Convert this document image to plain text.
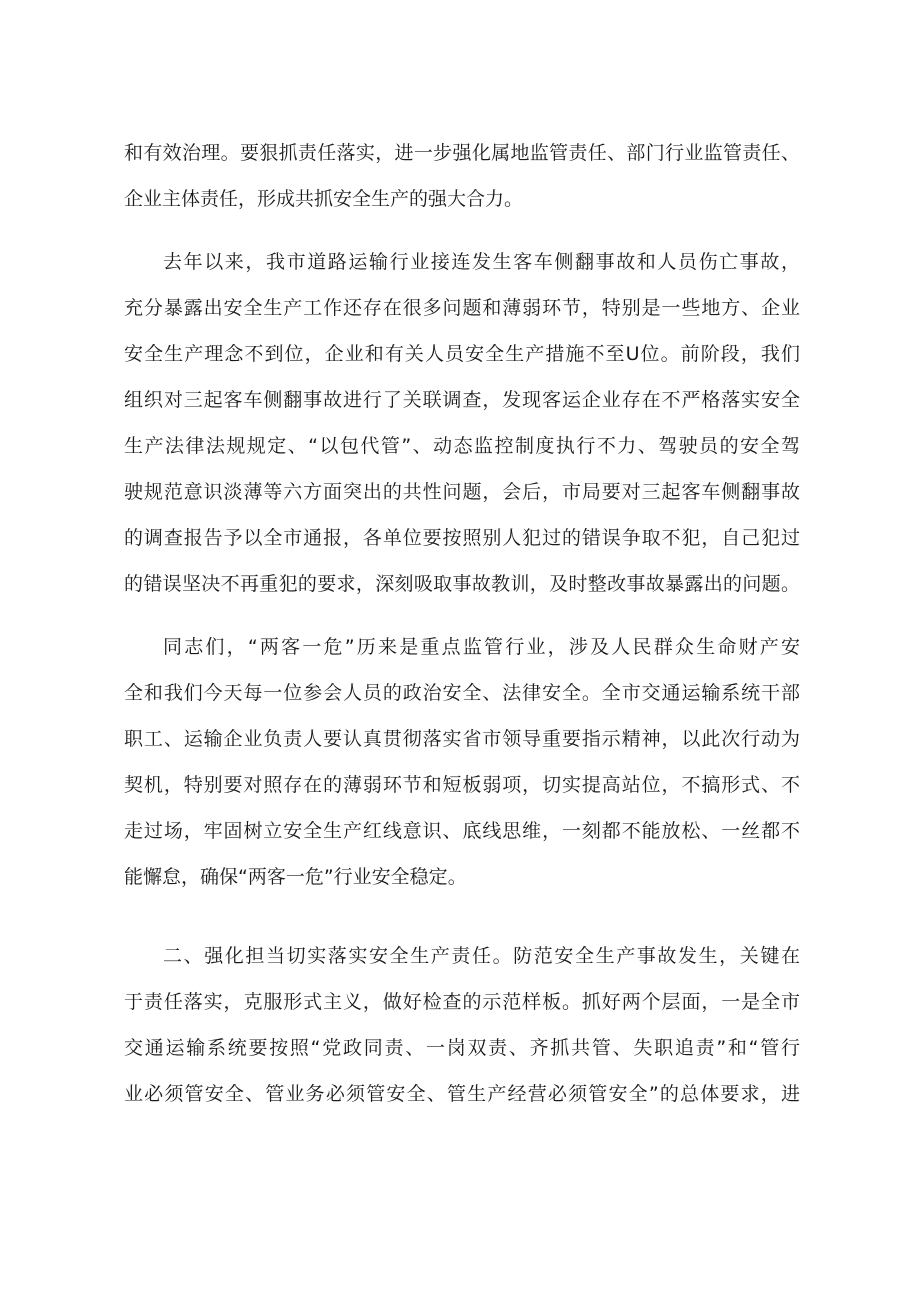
和有效治理。要狠抓责任落实，进一步强化属地监管责任、部门行业监管责任、
企业主体责任，形成共抓安全生产的强大合力。
去年以来，我市道路运输行业接连发生客车侧翻事故和人员伤亡事故，
充分暴露出安全生产工作还存在很多问题和薄弱环节，特别是一些地方、企业
安全生产理念不到位，企业和有关人员安全生产措施不至U位。前阶段，我们
组织对三起客车侧翻事故进行了关联调查，发现客运企业存在不严格落实安全
生产法律法规规定、“以包代管”、动态监控制度执行不力、驾驶员的安全驾
驶规范意识淡薄等六方面突出的共性问题，会后，市局要对三起客车侧翻事故
的调查报告予以全市通报，各单位要按照别人犯过的错误争取不犯，自己犯过
的错误坚决不再重犯的要求，深刻吸取事故教训，及时整改事故暴露出的问题。
同志们，“两客一危”历来是重点监管行业，涉及人民群众生命财产安
全和我们今天每一位参会人员的政治安全、法律安全。全市交通运输系统干部
职工、运输企业负责人要认真贯彻落实省市领导重要指示精神，以此次行动为
契机，特别要对照存在的薄弱环节和短板弱项，切实提高站位，不搞形式、不
走过场，牢固树立安全生产红线意识、底线思维，一刻都不能放松、一丝都不
能懈怠，确保“两客一危”行业安全稳定。
二、强化担当切实落实安全生产责任。防范安全生产事故发生，关键在
于责任落实，克服形式主义，做好检查的示范样板。抓好两个层面，一是全市
交通运输系统要按照“党政同责、一岗双责、齐抓共管、失职追责”和“管行
业必须管安全、管业务必须管安全、管生产经营必须管安全”的总体要求，进
